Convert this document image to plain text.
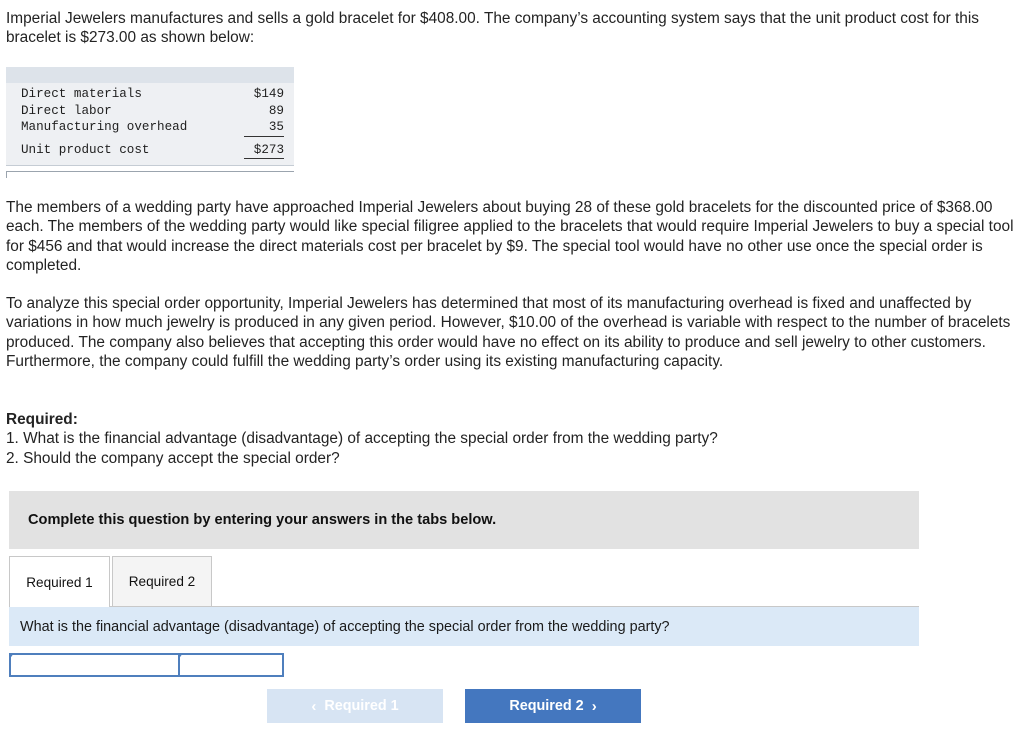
Imperial Jewelers manufactures and sells a gold bracelet for $408.00. The company’s accounting system says that the unit product cost for this bracelet is $273.00 as shown below:

Direct materials	$149
Direct labor	89
Manufacturing overhead	35
Unit product cost	$273

The members of a wedding party have approached Imperial Jewelers about buying 28 of these gold bracelets for the discounted price of $368.00 each. The members of the wedding party would like special filigree applied to the bracelets that would require Imperial Jewelers to buy a special tool for $456 and that would increase the direct materials cost per bracelet by $9. The special tool would have no other use once the special order is completed.

To analyze this special order opportunity, Imperial Jewelers has determined that most of its manufacturing overhead is fixed and unaffected by variations in how much jewelry is produced in any given period. However, $10.00 of the overhead is variable with respect to the number of bracelets produced. The company also believes that accepting this order would have no effect on its ability to produce and sell jewelry to other customers. Furthermore, the company could fulfill the wedding party’s order using its existing manufacturing capacity.

Required:
1. What is the financial advantage (disadvantage) of accepting the special order from the wedding party?
2. Should the company accept the special order?
Complete this question by entering your answers in the tabs below.
Required 1	Required 2
What is the financial advantage (disadvantage) of accepting the special order from the wedding party?
‹ Required 1	Required 2 ›
